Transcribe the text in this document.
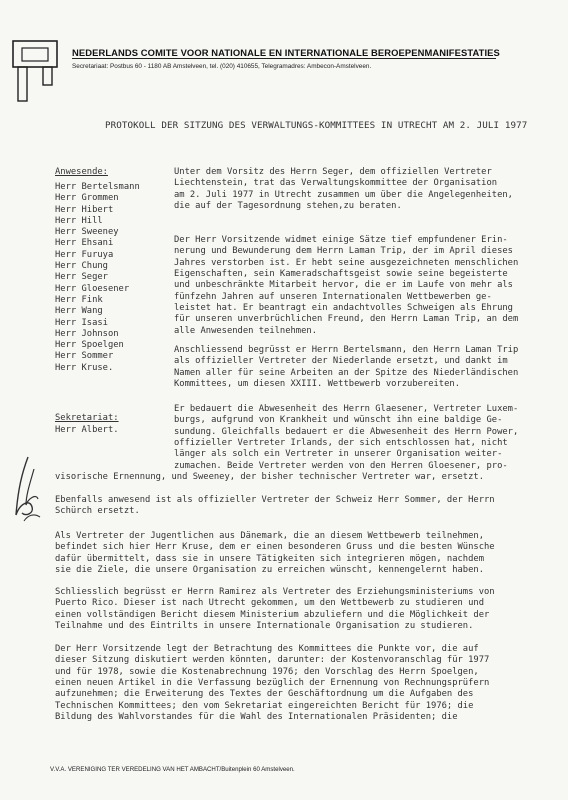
NEDERLANDS COMITE VOOR NATIONALE EN INTERNATIONALE BEROEPENMANIFESTATIES
Secretariaat: Postbus 60 - 1180 AB Amstelveen, tel. (020) 410655, Telegramadres: Ambecon-Amstelveen.
PROTOKOLL DER SITZUNG DES VERWALTUNGS-KOMMITTEES IN UTRECHT AM 2. JULI 1977
Anwesende:
Herr Bertelsmann
Herr Grommen
Herr Hibert
Herr Hill
Herr Sweeney
Herr Ehsani
Herr Furuya
Herr Chung
Herr Seger
Herr Gloesener
Herr Fink
Herr Wang
Herr Isasi
Herr Johnson
Herr Spoelgen
Herr Sommer
Herr Kruse.
Sekretariat:
Herr Albert.
Unter dem Vorsitz des Herrn Seger, dem offiziellen Vertreter
Liechtenstein, trat das Verwaltungskommittee der Organisation
am 2. Juli 1977 in Utrecht zusammen um über die Angelegenheiten,
die auf der Tagesordnung stehen,zu beraten.
Der Herr Vorsitzende widmet einige Sätze tief empfundener Erin-
nerung und Bewunderung dem Herrn Laman Trip, der im April dieses
Jahres verstorben ist. Er hebt seine ausgezeichneten menschlichen
Eigenschaften, sein Kameradschaftsgeist sowie seine begeisterte
und unbeschränkte Mitarbeit hervor, die er im Laufe von mehr als
fünfzehn Jahren auf unseren Internationalen Wettbewerben ge-
leistet hat. Er beantragt ein andachtvolles Schweigen als Ehrung
für unseren unverbrüchlichen Freund, den Herrn Laman Trip, an dem
alle Anwesenden teilnehmen.
Anschliessend begrüsst er Herrn Bertelsmann, den Herrn Laman Trip
als offizieller Vertreter der Niederlande ersetzt, und dankt im
Namen aller für seine Arbeiten an der Spitze des Niederländischen
Kommittees, um diesen XXIII. Wettbewerb vorzubereiten.
Er bedauert die Abwesenheit des Herrn Glaesener, Vertreter Luxem-
burgs, aufgrund von Krankheit und wünscht ihn eine baldige Ge-
sundung. Gleichfalls bedauert er die Abwesenheit des Herrn Power,
offizieller Vertreter Irlands, der sich entschlossen hat, nicht
länger als solch ein Vertreter in unserer Organisation weiter-
zumachen. Beide Vertreter werden von den Herren Gloesener, pro-
visorische Ernennung, und Sweeney, der bisher technischer Vertreter war, ersetzt.
Ebenfalls anwesend ist als offizieller Vertreter der Schweiz Herr Sommer, der Herrn
Schürch ersetzt.
Als Vertreter der Jugentlichen aus Dänemark, die an diesem Wettbewerb teilnehmen,
befindet sich hier Herr Kruse, dem er einen besonderen Gruss und die besten Wünsche
dafür übermittelt, dass sie in unsere Tätigkeiten sich integrieren mögen, nachdem
sie die Ziele, die unsere Organisation zu erreichen wünscht, kennengelernt haben.
Schliesslich begrüsst er Herrn Ramirez als Vertreter des Erziehungsministeriums von
Puerto Rico. Dieser ist nach Utrecht gekommen, um den Wettbewerb zu studieren und
einen vollständigen Bericht diesem Ministerium abzuliefern und die Möglichkeit der
Teilnahme und des Eintrilts in unsere Internationale Organisation zu studieren.
Der Herr Vorsitzende legt der Betrachtung des Kommittees die Punkte vor, die auf
dieser Sitzung diskutiert werden könnten, darunter: der Kostenvoranschlag für 1977
und für 1978, sowie die Kostenabrechnung 1976; den Vorschlag des Herrn Spoelgen,
einen neuen Artikel in die Verfassung bezüglich der Ernennung von Rechnungsprüfern
aufzunehmen; die Erweiterung des Textes der Geschäftordnung um die Aufgaben des
Technischen Kommittees; den vom Sekretariat eingereichten Bericht für 1976; die
Bildung des Wahlvorstandes für die Wahl des Internationalen Präsidenten; die
V.V.A. VERENIGING TER VEREDELING VAN HET AMBACHT/Buitenplein 60 Amstelveen.
